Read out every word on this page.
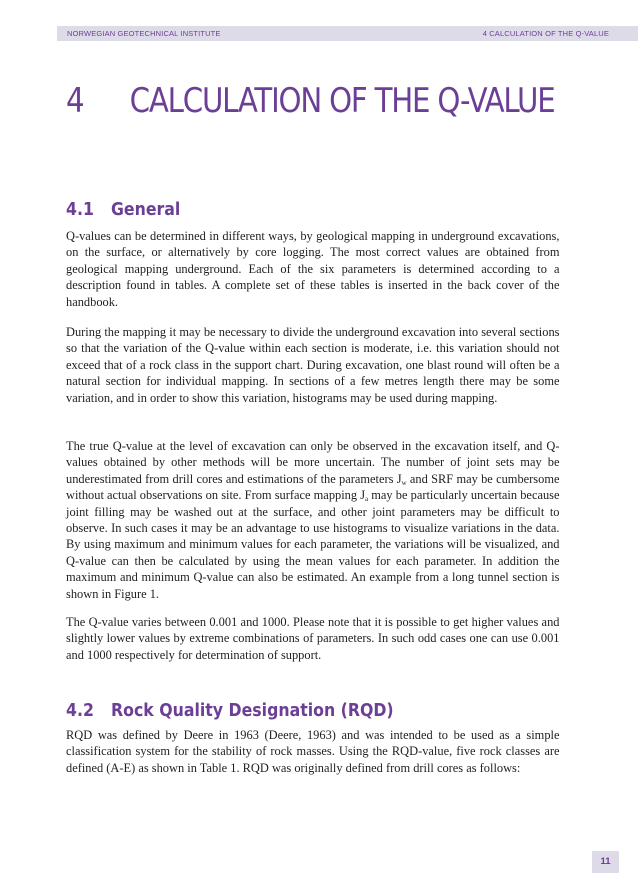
NORWEGIAN GEOTECHNICAL INSTITUTE	4 CALCULATION OF THE Q-VALUE
4 CALCULATION OF THE Q-VALUE
4.1 General

Q-values can be determined in different ways, by geological mapping in underground excavations, on the surface, or alternatively by core logging. The most correct values are obtained from geological mapping underground. Each of the six parameters is determined according to a description found in tables. A complete set of these tables is inserted in the back cover of the handbook.

During the mapping it may be necessary to divide the underground excavation into several sections so that the variation of the Q-value within each section is moderate, i.e. this variation should not exceed that of a rock class in the support chart. During excavation, one blast round will often be a natural section for individual mapping. In sections of a few metres length there may be some variation, and in order to show this variation, histograms may be used during mapping.

The true Q-value at the level of excavation can only be observed in the excavation itself, and Q-values obtained by other methods will be more uncertain. The number of joint sets may be underestimated from drill cores and estimations of the parameters $J_w$ and SRF may be cumbersome without actual observations on site. From surface mapping $J_a$ may be particularly uncertain because joint filling may be washed out at the surface, and other joint parameters may be difficult to observe. In such cases it may be an advantage to use histograms to visualize variations in the data. By using maximum and minimum values for each parameter, the variations will be visualized, and Q-value can then be calculated by using the mean values for each parameter. In addition the maximum and minimum Q-value can also be estimated. An example from a long tunnel section is shown in Figure 1.

The Q-value varies between 0.001 and 1000. Please note that it is possible to get higher values and slightly lower values by extreme combinations of parameters. In such odd cases one can use 0.001 and 1000 respectively for determination of support.

4.2 Rock Quality Designation (RQD)

RQD was defined by Deere in 1963 (Deere, 1963) and was intended to be used as a simple classification system for the stability of rock masses. Using the RQD-value, five rock classes are defined (A-E) as shown in Table 1. RQD was originally defined from drill cores as follows:

11
